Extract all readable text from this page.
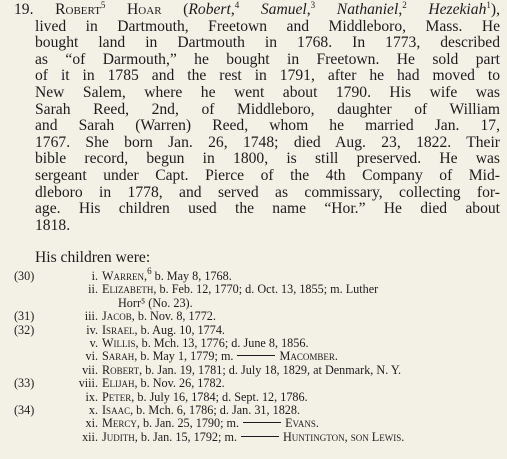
19. Robert$^5$ Hoar (Robert,$^4$ Samuel,$^3$ Nathaniel,$^2$ Hezekiah$^1$),
lived in Dartmouth, Freetown and Middleboro, Mass. He
bought land in Dartmouth in 1768. In 1773, described
as “of Darmouth,” he bought in Freetown. He sold part
of it in 1785 and the rest in 1791, after he had moved to
New Salem, where he went about 1790. His wife was
Sarah Reed, 2nd, of Middleboro, daughter of William
and Sarah (Warren) Reed, whom he married Jan. 17,
1767. She born Jan. 26, 1748; died Aug. 23, 1822. Their
bible record, begun in 1800, is still preserved. He was
sergeant under Capt. Pierce of the 4th Company of Mid-
dleboro in 1778, and served as commissary, collecting for-
age. His children used the name “Hor.” He died about
1818.
His children were:
(30)	i. Warren,$^6$ b. May 8, 1768.
ii. Elizabeth, b. Feb. 12, 1770; d. Oct. 13, 1855; m. Luther
Horr⁵ (No. 23).
(31)	iii. Jacob, b. Nov. 8, 1772.
(32)	iv. Israel, b. Aug. 10, 1774.
v. Willis, b. Mch. 13, 1776; d. June 8, 1856.
vi. Sarah, b. May 1, 1779; m.	Macomber.
vii. Robert, b. Jan. 19, 1781; d. July 18, 1829, at Denmark, N. Y.
(33)	viii. Elijah, b. Nov. 26, 1782.
ix. Peter, b. July 16, 1784; d. Sept. 12, 1786.
(34)	x. Isaac, b. Mch. 6, 1786; d. Jan. 31, 1828.
xi. Mercy, b. Jan. 25, 1790; m.	Evans.
xii. Judith, b. Jan. 15, 1792; m.	Huntington, son Lewis.
